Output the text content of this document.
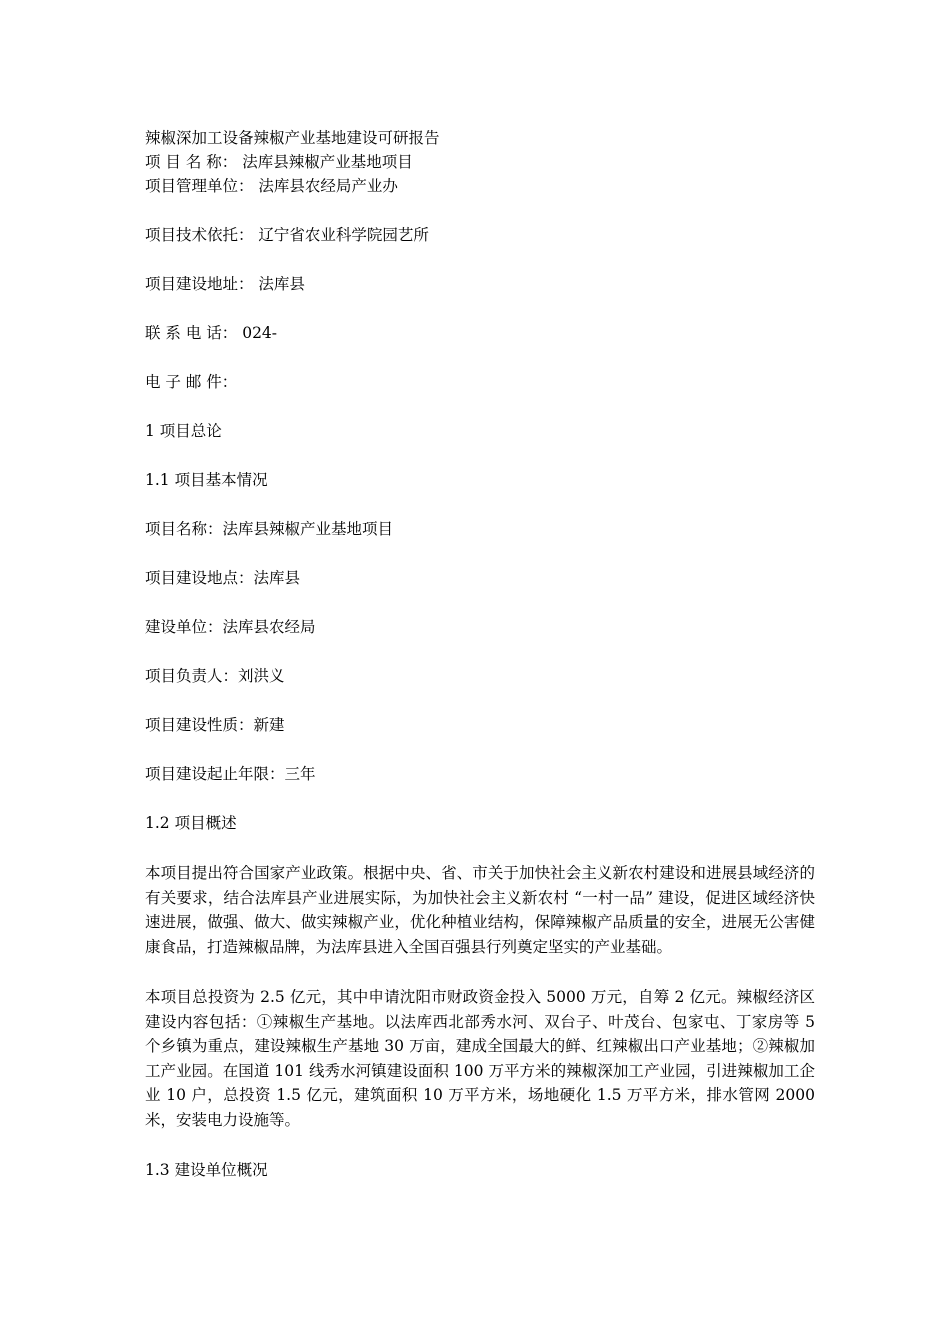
辣椒深加工设备辣椒产业基地建设可研报告

项 目 名 称： 法库县辣椒产业基地项目

项目管理单位： 法库县农经局产业办

项目技术依托： 辽宁省农业科学院园艺所

项目建设地址： 法库县

联 系 电 话： 024-

电 子 邮 件：

1 项目总论

1.1 项目基本情况

项目名称：法库县辣椒产业基地项目

项目建设地点：法库县

建设单位：法库县农经局

项目负责人：刘洪义

项目建设性质：新建

项目建设起止年限：三年

1.2 项目概述

本项目提出符合国家产业政策。根据中央、省、市关于加快社会主义新农村建设和进展县域经济的有关要求，结合法库县产业进展实际，为加快社会主义新农村 “一村一品” 建设，促进区域经济快速进展，做强、做大、做实辣椒产业，优化种植业结构，保障辣椒产品质量的安全，进展无公害健康食品，打造辣椒品牌，为法库县进入全国百强县行列奠定坚实的产业基础。

本项目总投资为 2.5 亿元，其中申请沈阳市财政资金投入 5000 万元，自筹 2 亿元。辣椒经济区建设内容包括：①辣椒生产基地。以法库西北部秀水河、双台子、叶茂台、包家屯、丁家房等 5 个乡镇为重点，建设辣椒生产基地 30 万亩，建成全国最大的鲜、红辣椒出口产业基地；②辣椒加工产业园。在国道 101 线秀水河镇建设面积 100 万平方米的辣椒深加工产业园，引进辣椒加工企业 10 户，总投资 1.5 亿元，建筑面积 10 万平方米，场地硬化 1.5 万平方米，排水管网 2000 米，安装电力设施等。

1.3 建设单位概况
